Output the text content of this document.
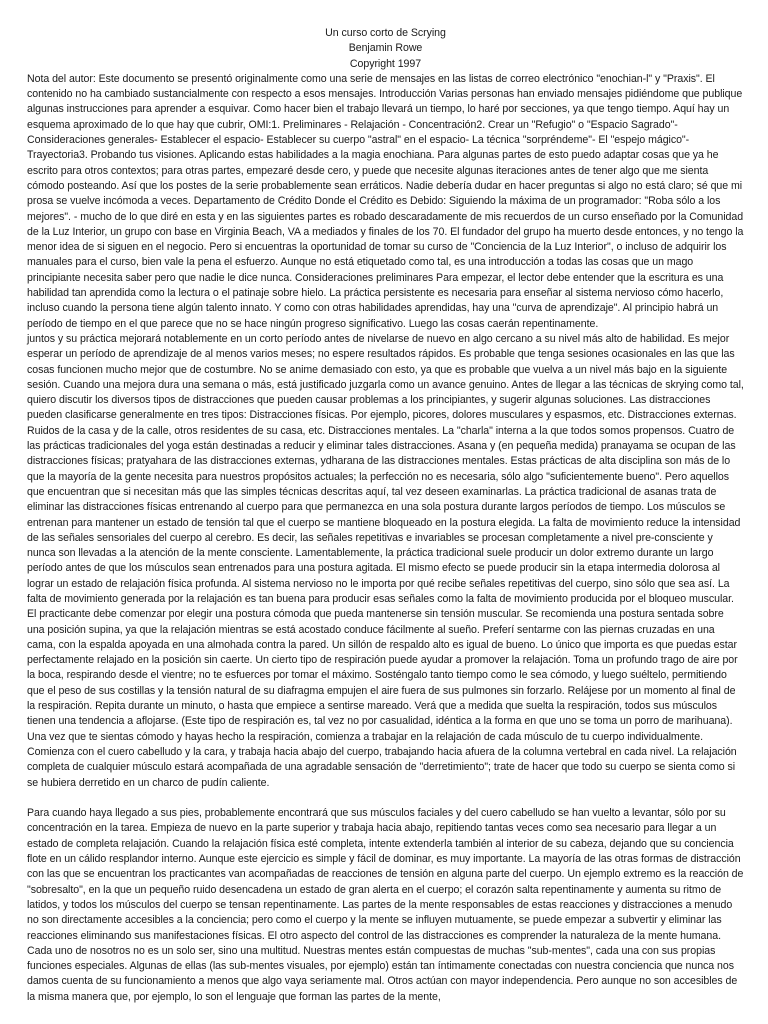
Un curso corto de Scrying
Benjamin Rowe
Copyright 1997

Nota del autor: Este documento se presentó originalmente como una serie de mensajes en las listas de correo electrónico "enochian-l" y "Praxis". El contenido no ha cambiado sustancialmente con respecto a esos mensajes. Introducción Varias personas han enviado mensajes pidiéndome que publique algunas instrucciones para aprender a esquivar. Como hacer bien el trabajo llevará un tiempo, lo haré por secciones, ya que tengo tiempo. Aquí hay un esquema aproximado de lo que hay que cubrir, OMI:1. Preliminares - Relajación - Concentración2. Crear un "Refugio" o "Espacio Sagrado"- Consideraciones generales- Establecer el espacio- Establecer su cuerpo "astral" en el espacio- La técnica "sorpréndeme"- El "espejo mágico"- Trayectoria3. Probando tus visiones. Aplicando estas habilidades a la magia enochiana. Para algunas partes de esto puedo adaptar cosas que ya he escrito para otros contextos; para otras partes, empezaré desde cero, y puede que necesite algunas iteraciones antes de tener algo que me sienta cómodo posteando. Así que los postes de la serie probablemente sean erráticos. Nadie debería dudar en hacer preguntas si algo no está claro; sé que mi prosa se vuelve incómoda a veces. Departamento de Crédito Donde el Crédito es Debido: Siguiendo la máxima de un programador: "Roba sólo a los mejores". - mucho de lo que diré en esta y en las siguientes partes es robado descaradamente de mis recuerdos de un curso enseñado por la Comunidad de la Luz Interior, un grupo con base en Virginia Beach, VA a mediados y finales de los 70. El fundador del grupo ha muerto desde entonces, y no tengo la menor idea de si siguen en el negocio. Pero si encuentras la oportunidad de tomar su curso de "Conciencia de la Luz Interior", o incluso de adquirir los manuales para el curso, bien vale la pena el esfuerzo. Aunque no está etiquetado como tal, es una introducción a todas las cosas que un mago principiante necesita saber pero que nadie le dice nunca. Consideraciones preliminares Para empezar, el lector debe entender que la escritura es una habilidad tan aprendida como la lectura o el patinaje sobre hielo. La práctica persistente es necesaria para enseñar al sistema nervioso cómo hacerlo, incluso cuando la persona tiene algún talento innato. Y como con otras habilidades aprendidas, hay una "curva de aprendizaje". Al principio habrá un período de tiempo en el que parece que no se hace ningún progreso significativo. Luego las cosas caerán repentinamente.

juntos y su práctica mejorará notablemente en un corto período antes de nivelarse de nuevo en algo cercano a su nivel más alto de habilidad. Es mejor esperar un período de aprendizaje de al menos varios meses; no espere resultados rápidos. Es probable que tenga sesiones ocasionales en las que las cosas funcionen mucho mejor que de costumbre. No se anime demasiado con esto, ya que es probable que vuelva a un nivel más bajo en la siguiente sesión. Cuando una mejora dura una semana o más, está justificado juzgarla como un avance genuino. Antes de llegar a las técnicas de skrying como tal, quiero discutir los diversos tipos de distracciones que pueden causar problemas a los principiantes, y sugerir algunas soluciones. Las distracciones pueden clasificarse generalmente en tres tipos: Distracciones físicas. Por ejemplo, picores, dolores musculares y espasmos, etc. Distracciones externas. Ruidos de la casa y de la calle, otros residentes de su casa, etc. Distracciones mentales. La "charla" interna a la que todos somos propensos. Cuatro de las prácticas tradicionales del yoga están destinadas a reducir y eliminar tales distracciones. Asana y (en pequeña medida) pranayama se ocupan de las distracciones físicas; pratyahara de las distracciones externas, ydharana de las distracciones mentales. Estas prácticas de alta disciplina son más de lo que la mayoría de la gente necesita para nuestros propósitos actuales; la perfección no es necesaria, sólo algo "suficientemente bueno". Pero aquellos que encuentran que si necesitan más que las simples técnicas descritas aquí, tal vez deseen examinarlas. La práctica tradicional de asanas trata de eliminar las distracciones físicas entrenando al cuerpo para que permanezca en una sola postura durante largos períodos de tiempo. Los músculos se entrenan para mantener un estado de tensión tal que el cuerpo se mantiene bloqueado en la postura elegida. La falta de movimiento reduce la intensidad de las señales sensoriales del cuerpo al cerebro. Es decir, las señales repetitivas e invariables se procesan completamente a nivel pre-consciente y nunca son llevadas a la atención de la mente consciente. Lamentablemente, la práctica tradicional suele producir un dolor extremo durante un largo período antes de que los músculos sean entrenados para una postura agitada. El mismo efecto se puede producir sin la etapa intermedia dolorosa al lograr un estado de relajación física profunda. Al sistema nervioso no le importa por qué recibe señales repetitivas del cuerpo, sino sólo que sea así. La falta de movimiento generada por la relajación es tan buena para producir esas señales como la falta de movimiento producida por el bloqueo muscular. El practicante debe comenzar por elegir una postura cómoda que pueda mantenerse sin tensión muscular. Se recomienda una postura sentada sobre una posición supina, ya que la relajación mientras se está acostado conduce fácilmente al sueño. Preferí sentarme con las piernas cruzadas en una cama, con la espalda apoyada en una almohada contra la pared. Un sillón de respaldo alto es igual de bueno. Lo único que importa es que puedas estar perfectamente relajado en la posición sin caerte. Un cierto tipo de respiración puede ayudar a promover la relajación. Toma un profundo trago de aire por la boca, respirando desde el vientre; no te esfuerces por tomar el máximo. Sosténgalo tanto tiempo como le sea cómodo, y luego suéltelo, permitiendo que el peso de sus costillas y la tensión natural de su diafragma empujen el aire fuera de sus pulmones sin forzarlo. Relájese por un momento al final de la respiración. Repita durante un minuto, o hasta que empiece a sentirse mareado. Verá que a medida que suelta la respiración, todos sus músculos tienen una tendencia a aflojarse. (Este tipo de respiración es, tal vez no por casualidad, idéntica a la forma en que uno se toma un porro de marihuana). Una vez que te sientas cómodo y hayas hecho la respiración, comienza a trabajar en la relajación de cada músculo de tu cuerpo individualmente. Comienza con el cuero cabelludo y la cara, y trabaja hacia abajo del cuerpo, trabajando hacia afuera de la columna vertebral en cada nivel. La relajación completa de cualquier músculo estará acompañada de una agradable sensación de "derretimiento"; trate de hacer que todo su cuerpo se sienta como si se hubiera derretido en un charco de pudín caliente.

Para cuando haya llegado a sus pies, probablemente encontrará que sus músculos faciales y del cuero cabelludo se han vuelto a levantar, sólo por su concentración en la tarea. Empieza de nuevo en la parte superior y trabaja hacia abajo, repitiendo tantas veces como sea necesario para llegar a un estado de completa relajación. Cuando la relajación física esté completa, intente extenderla también al interior de su cabeza, dejando que su conciencia flote en un cálido resplandor interno. Aunque este ejercicio es simple y fácil de dominar, es muy importante. La mayoría de las otras formas de distracción con las que se encuentran los practicantes van acompañadas de reacciones de tensión en alguna parte del cuerpo. Un ejemplo extremo es la reacción de "sobresalto", en la que un pequeño ruido desencadena un estado de gran alerta en el cuerpo; el corazón salta repentinamente y aumenta su ritmo de latidos, y todos los músculos del cuerpo se tensan repentinamente. Las partes de la mente responsables de estas reacciones y distracciones a menudo no son directamente accesibles a la conciencia; pero como el cuerpo y la mente se influyen mutuamente, se puede empezar a subvertir y eliminar las reacciones eliminando sus manifestaciones físicas. El otro aspecto del control de las distracciones es comprender la naturaleza de la mente humana. Cada uno de nosotros no es un solo ser, sino una multitud. Nuestras mentes están compuestas de muchas "sub-mentes", cada una con sus propias funciones especiales. Algunas de ellas (las sub-mentes visuales, por ejemplo) están tan íntimamente conectadas con nuestra conciencia que nunca nos damos cuenta de su funcionamiento a menos que algo vaya seriamente mal. Otros actúan con mayor independencia. Pero aunque no son accesibles de la misma manera que, por ejemplo, lo son el lenguaje que forman las partes de la mente,
